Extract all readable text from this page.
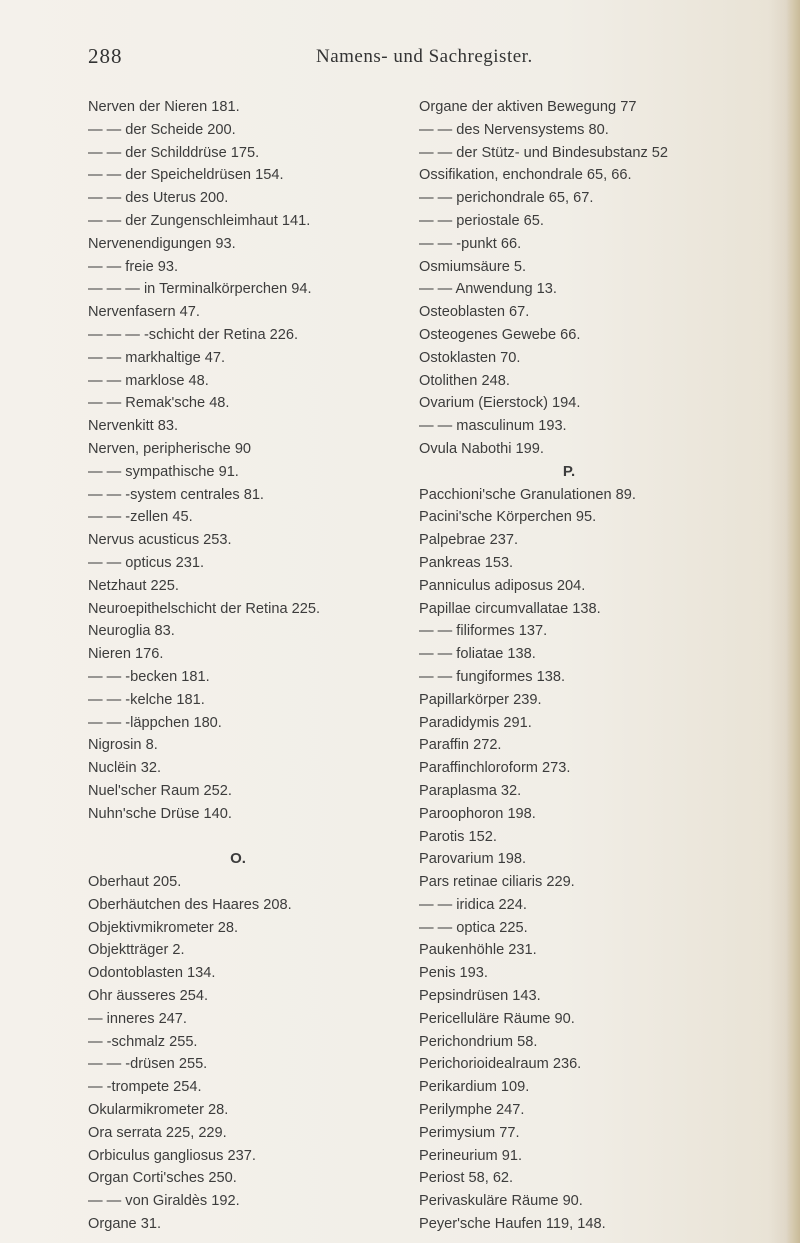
288	Namens- und Sachregister.
Nerven der Nieren 181.
— — der Scheide 200.
— — der Schilddrüse 175.
— — der Speicheldrüsen 154.
— — des Uterus 200.
— — der Zungenschleimhaut 141.
Nervenendigungen 93.
— — freie 93.
— — — in Terminalkörperchen 94.
Nervenfasern 47.
— — — -schicht der Retina 226.
— — markhaltige 47.
— — marklose 48.
— — Remak'sche 48.
Nervenkitt 83.
Nerven, peripherische 90
— — sympathische 91.
— — -system centrales 81.
— — -zellen 45.
Nervus acusticus 253.
— — opticus 231.
Netzhaut 225.
Neuroepithelschicht der Retina 225.
Neuroglia 83.
Nieren 176.
— — -becken 181.
— — -kelche 181.
— — -läppchen 180.
Nigrosin 8.
Nuclëin 32.
Nuel'scher Raum 252.
Nuhn'sche Drüse 140.
O.
Oberhaut 205.
Oberhäutchen des Haares 208.
Objektivmikrometer 28.
Objektträger 2.
Odontoblasten 134.
Ohr äusseres 254.
— inneres 247.
— -schmalz 255.
— — -drüsen 255.
— -trompete 254.
Okularmikrometer 28.
Ora serrata 225, 229.
Orbiculus gangliosus 237.
Organ Corti'sches 250.
— — von Giraldès 192.
Organe 31.
Organe der aktiven Bewegung 77
— — des Nervensystems 80.
— — der Stütz- und Bindesubstanz 52
Ossifikation, enchondrale 65, 66.
— — perichondrale 65, 67.
— — periostale 65.
— — -punkt 66.
Osmiumsäure 5.
— — Anwendung 13.
Osteoblasten 67.
Osteogenes Gewebe 66.
Ostoklasten 70.
Otolithen 248.
Ovarium (Eierstock) 194.
— — masculinum 193.
Ovula Nabothi 199.
P.
Pacchioni'sche Granulationen 89.
Pacini'sche Körperchen 95.
Palpebrae 237.
Pankreas 153.
Panniculus adiposus 204.
Papillae circumvallatae 138.
— — filiformes 137.
— — foliatae 138.
— — fungiformes 138.
Papillarkörper 239.
Paradidymis 291.
Paraffin 272.
Paraffinchloroform 273.
Paraplasma 32.
Paroophoron 198.
Parotis 152.
Parovarium 198.
Pars retinae ciliaris 229.
— — iridica 224.
— — optica 225.
Paukenhöhle 231.
Penis 193.
Pepsindrüsen 143.
Pericelluläre Räume 90.
Perichondrium 58.
Perichorioidealraum 236.
Perikardium 109.
Perilymphe 247.
Perimysium 77.
Perineurium 91.
Periost 58, 62.
Perivaskuläre Räume 90.
Peyer'sche Haufen 119, 148.
